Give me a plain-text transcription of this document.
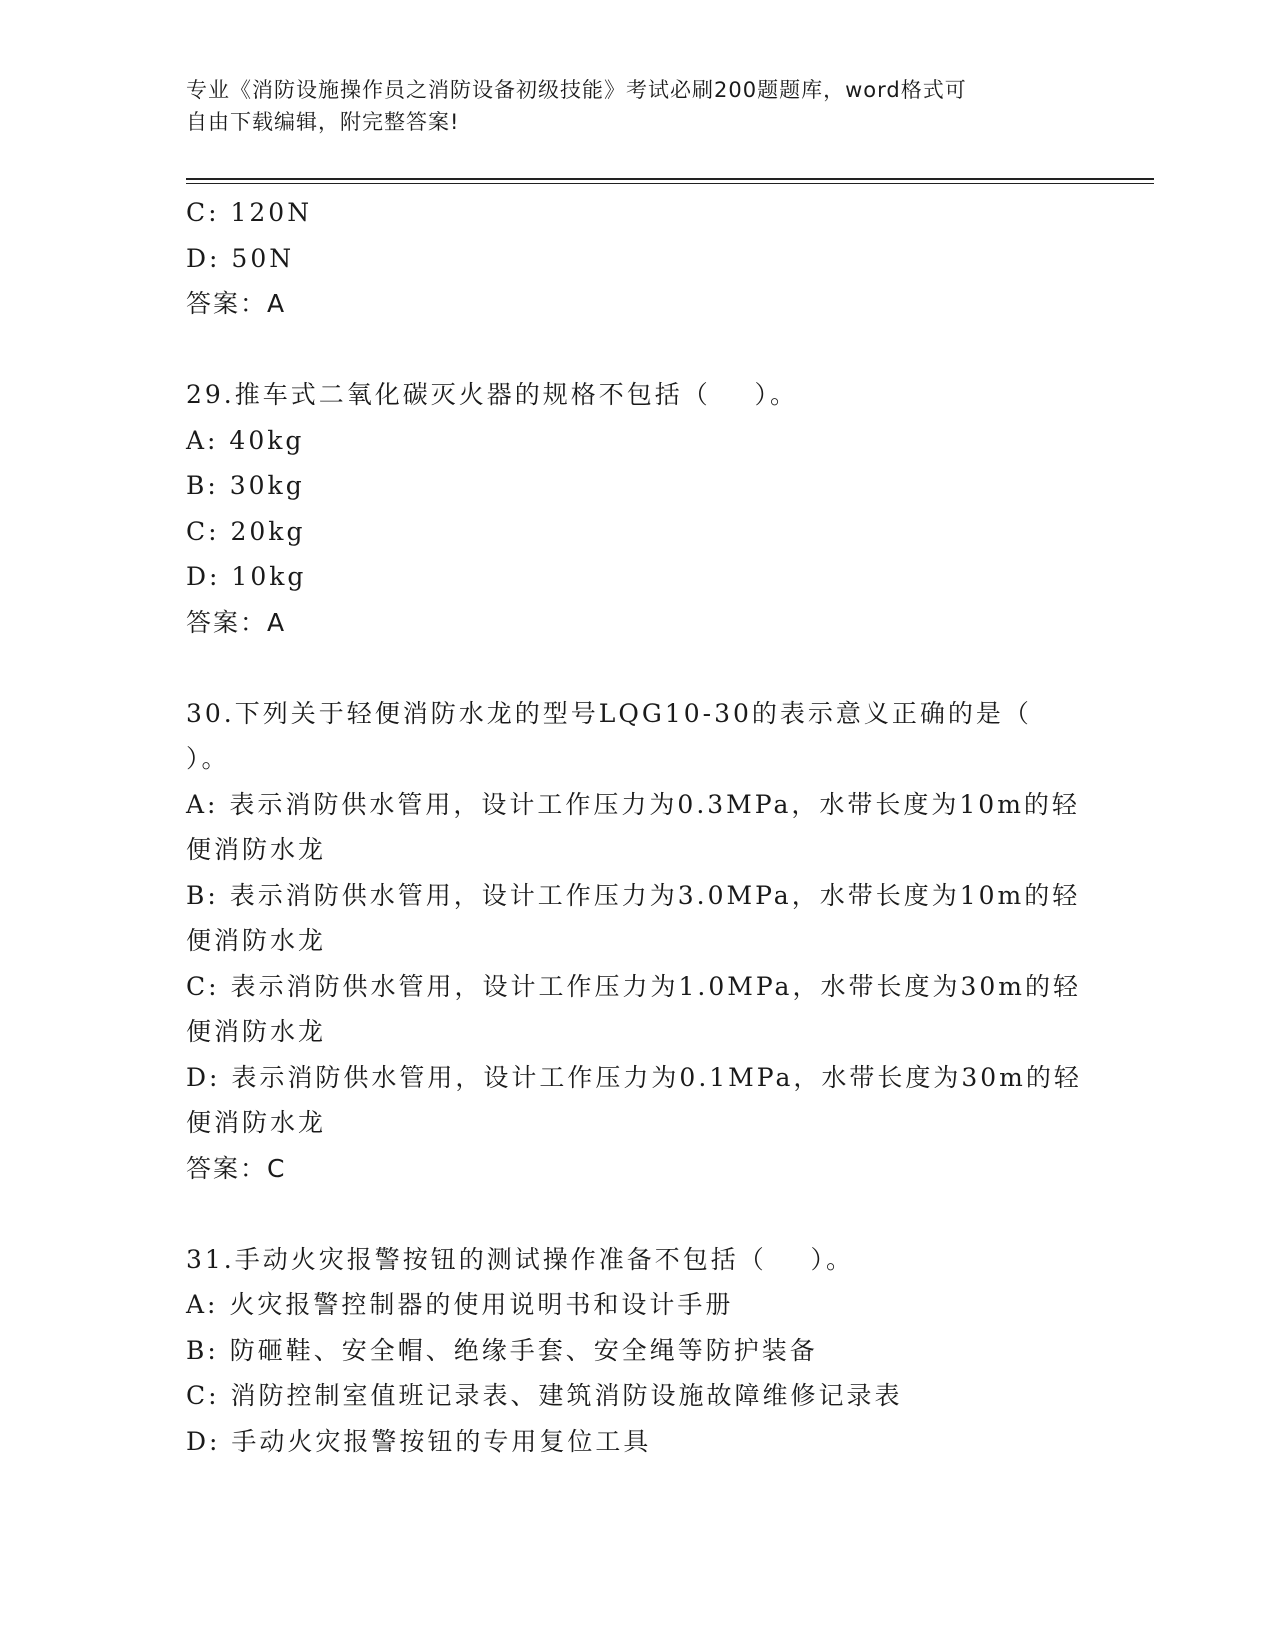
专业《消防设施操作员之消防设备初级技能》考试必刷200题题库，word格式可
自由下载编辑，附完整答案!
C: 120N
D: 50N
答案：A
29.推车式二氧化碳灭火器的规格不包括（    ）。
A: 40kg
B: 30kg
C: 20kg
D: 10kg
答案：A
30.下列关于轻便消防水龙的型号LQG10-30的表示意义正确的是（
）。
A: 表示消防供水管用，设计工作压力为0.3MPa，水带长度为10m的轻
便消防水龙
B: 表示消防供水管用，设计工作压力为3.0MPa，水带长度为10m的轻
便消防水龙
C: 表示消防供水管用，设计工作压力为1.0MPa，水带长度为30m的轻
便消防水龙
D: 表示消防供水管用，设计工作压力为0.1MPa，水带长度为30m的轻
便消防水龙
答案：C
31.手动火灾报警按钮的测试操作准备不包括（    ）。
A: 火灾报警控制器的使用说明书和设计手册
B: 防砸鞋、安全帽、绝缘手套、安全绳等防护装备
C: 消防控制室值班记录表、建筑消防设施故障维修记录表
D: 手动火灾报警按钮的专用复位工具
